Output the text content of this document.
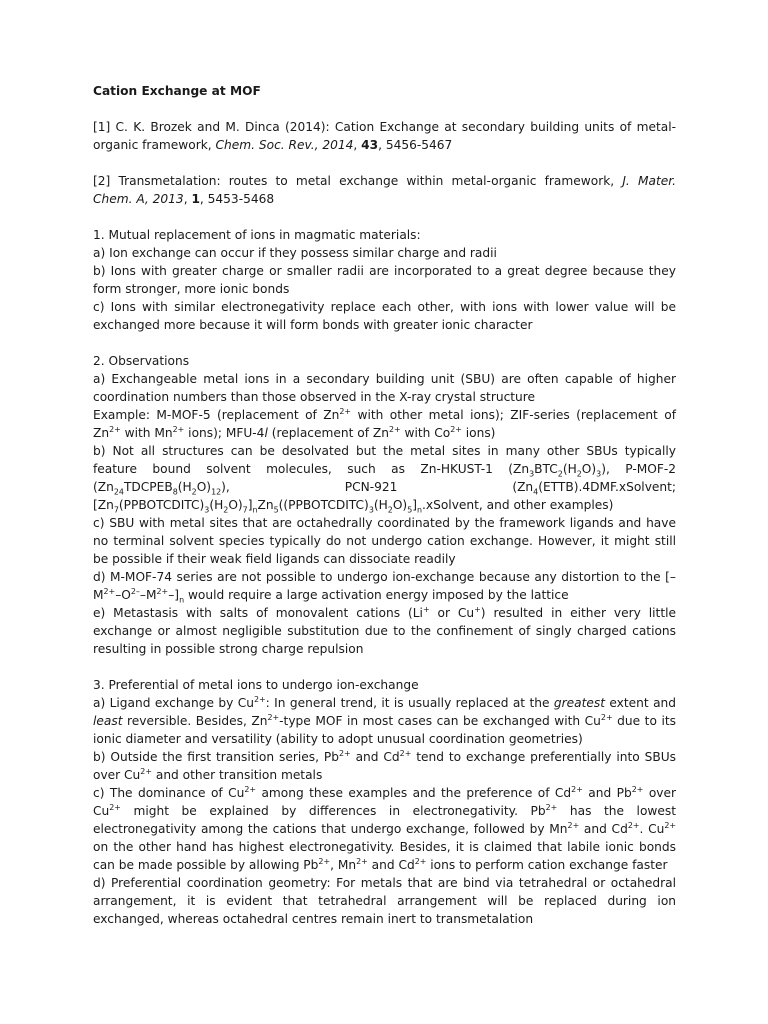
Cation Exchange at MOF

[1] C. K. Brozek and M. Dinca (2014): Cation Exchange at secondary building units of metal-organic framework, Chem. Soc. Rev., 2014, 43, 5456-5467

[2] Transmetalation: routes to metal exchange within metal-organic framework, J. Mater. Chem. A, 2013, 1, 5453-5468

1. Mutual replacement of ions in magmatic materials:

a) Ion exchange can occur if they possess similar charge and radii

b) Ions with greater charge or smaller radii are incorporated to a great degree because they form stronger, more ionic bonds

c) Ions with similar electronegativity replace each other, with ions with lower value will be exchanged more because it will form bonds with greater ionic character

2. Observations

a) Exchangeable metal ions in a secondary building unit (SBU) are often capable of higher coordination numbers than those observed in the X-ray crystal structure

Example: M-MOF-5 (replacement of $Zn^{2+}$ with other metal ions); ZIF-series (replacement of $Zn^{2+}$ with $Mn^{2+}$ ions); MFU-4l (replacement of $Zn^{2+}$ with $Co^{2+}$ ions)

b) Not all structures can be desolvated but the metal sites in many other SBUs typically feature bound solvent molecules, such as Zn-HKUST-1 $(Zn_3BTC_2(H_2O)_3)$, P-MOF-2 $(Zn_{24}TDCPEB_8(H_2O)_{12})$, PCN-921 ($Zn_4(ETTB).4DMF.xSolvent$; $[Zn_7(PPBOTCDITC)_3(H_2O)_7]_nZn_5((PPBOTCDITC)_3(H_2O)_5]_n.xSolvent$, and other examples)

c) SBU with metal sites that are octahedrally coordinated by the framework ligands and have no terminal solvent species typically do not undergo cation exchange. However, it might still be possible if their weak field ligands can dissociate readily

d) M-MOF-74 series are not possible to undergo ion-exchange because any distortion to the $[-M^{2+}-O^{2-}-M^{2+}-]_n$ would require a large activation energy imposed by the lattice

e) Metastasis with salts of monovalent cations (Li+ or Cu+) resulted in either very little exchange or almost negligible substitution due to the confinement of singly charged cations resulting in possible strong charge repulsion

3. Preferential of metal ions to undergo ion-exchange

a) Ligand exchange by $Cu^{2+}$: In general trend, it is usually replaced at the greatest extent and least reversible. Besides, $Zn^{2+}$-type MOF in most cases can be exchanged with $Cu^{2+}$ due to its ionic diameter and versatility (ability to adopt unusual coordination geometries)

b) Outside the first transition series, $Pb^{2+}$ and $Cd^{2+}$ tend to exchange preferentially into SBUs over $Cu^{2+}$ and other transition metals

c) The dominance of $Cu^{2+}$ among these examples and the preference of $Cd^{2+}$ and $Pb^{2+}$ over $Cu^{2+}$ might be explained by differences in electronegativity. $Pb^{2+}$ has the lowest electronegativity among the cations that undergo exchange, followed by $Mn^{2+}$ and $Cd^{2+}$. $Cu^{2+}$ on the other hand has highest electronegativity. Besides, it is claimed that labile ionic bonds can be made possible by allowing $Pb^{2+}$, $Mn^{2+}$ and $Cd^{2+}$ ions to perform cation exchange faster

d) Preferential coordination geometry: For metals that are bind via tetrahedral or octahedral arrangement, it is evident that tetrahedral arrangement will be replaced during ion exchanged, whereas octahedral centres remain inert to transmetalation
